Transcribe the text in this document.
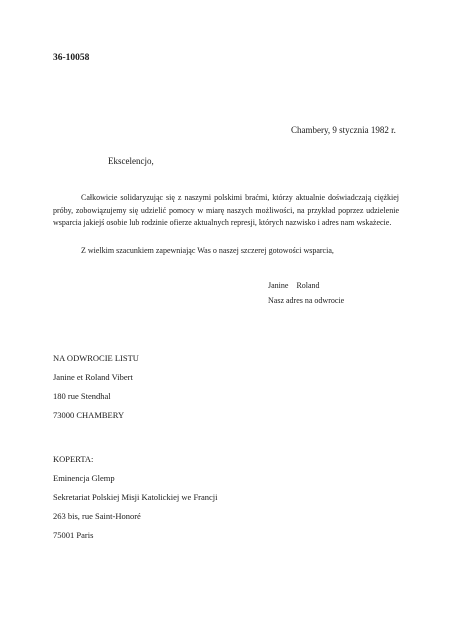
36-10058
Chambery, 9 stycznia 1982 r.
Ekscelencjo,
Całkowicie solidaryzując się z naszymi polskimi braćmi, którzy aktualnie doświadczają ciężkiej próby, zobowiązujemy się udzielić pomocy w miarę naszych możliwości, na przykład poprzez udzielenie wsparcia jakiejś osobie lub rodzinie ofierze aktualnych represji, których nazwisko i adres nam wskażecie.
Z wielkim szacunkiem zapewniając Was o naszej szczerej gotowości wsparcia,
Janine Roland
Nasz adres na odwrocie
NA ODWROCIE LISTU
Janine et Roland Vibert
180 rue Stendhal
73000 CHAMBERY
KOPERTA:
Eminencja Glemp
Sekretariat Polskiej Misji Katolickiej we Francji
263 bis, rue Saint-Honoré
75001 Paris
